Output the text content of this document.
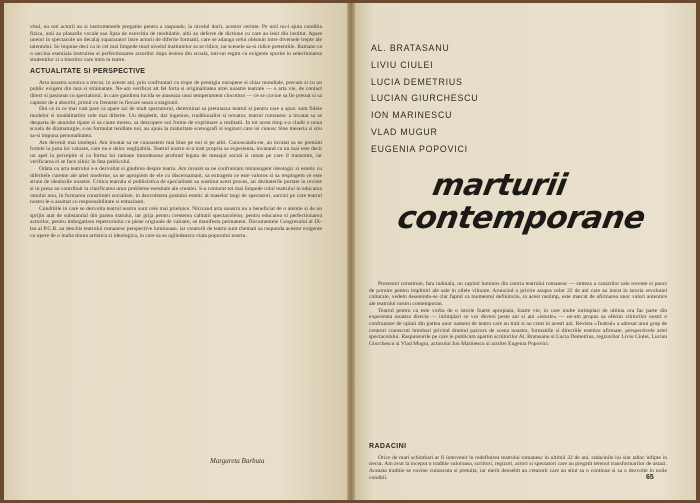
vitul, nu toti actorii au si instrumentele pregatite pentru a raspunde, la nivelul dorit, acestor cerinte. Pe unii nu-i ajuta conditia fizica, unii au plasarile vocale sau lipsa de exercitiu de modulatie, altii au defecte de dictiune cu care au iesit din institut. Apare uneori in spectacole un decalaj supararator intre actorii de diferite formatii, care se adauga celui obisnuit intre diversele trepte ale talentului. Se impune deci ca in cel mai limpede mod nivelul institutelor sa se ridice, iar scenele sa-si ridice pretentiile. Ramane ca o sarcina esentiala instruirea si perfectionarea actorilor dupa iesirea din scoala, intr-un regim cu exigente sporite in selectionarea studentilor si a tinerilor care intra in teatre.

ACTUALITATE SI PERSPECTIVE

Arta noastra scenica a trecut, in aceste ani, prin confruntari cu trupe de prestigiu europene si chiar mondiale, precum si cu un public exigent din tara si strainatate. Ne-am verificat alt fel forta si originalitatea artei noastre teatrale — o arta vie, de contact direct si pasionat cu spectatorul, in care gandirea lucida se ataseaza unui temperament clocotitor — ce se cuvine sa fie pretuit si sa capteze de a absorbi, primit cu frenezie in fiecare seara a stagiunii.

Din ce in ce mai vast pare ca apare azi de mult spectatorul, determinat sa pretuiasca teatrul si pentru care a spus: sunt fidele modelor si modalitatilor cele mai diferite. Un despletit, dar ingenios, traditionalist si novator, teatrul romanesc a invatat sa se desparta de anumite tipare si sa caute mereu, sa descopere noi forme de exprimare a realitatii. In tot acest timp s-a cladit o noua scoala de dramaturgie, s-au formulat tendinte noi, au ajuns la maturitate scenografi si regizori care isi cunosc bine meseria si stiu sa-si impuna personalitatea.

Am devenit mai intelepti. Am invatat sa ne cunoastem mai bine pe noi si pe altii. Cunoscandu-ne, au invatat sa ne pretuim fortele la justa lor valoare, care nu e deloc neglijabila. Teatrul nostru si-a trait propria sa experienta, invatand ca nu mai este decit un apel la perceptie si ca forma lui ramane intotdeauna profund legata de mesajul social si uman pe care il transmite, iar verificarea ei se face zilnic in fata publicului.

Odata cu arta teatrului s-a dezvoltat si gindirea despre teatru. Am invatat sa ne confruntam intransigent ideologic si estetic cu diferitele curente ale artei moderne, sa ne apropiem de ele cu discernamant, sa extragem ce este valoros si sa respingem ce este strain de idealurile noastre. Critica teatrala si publicistica de specialitate au sustinut acest proces, iar dezbaterile purtate in reviste si in presa au contribuit la clarificarea unor probleme esentiale ale creatiei. S-a conturat tot mai limpede rolul teatrului in educarea omului nou, in formarea constiintei socialiste, in dezvoltarea gustului estetic al maselor largi de spectatori, sarcini pe care teatrul nostru le-a asumat cu responsabilitate si entuziasm.

Conditiile in care se dezvolta teatrul nostru sunt cele mai prielnice. Nicicand arta noastra nu a beneficiat de o atentie si de un sprijin atat de substantial din partea statului, iar grija pentru cresterea calitatii spectacolelor, pentru educarea si perfectionarea actorilor, pentru imbogatirea repertoriului cu piese originale de valoare, se manifesta permanent. Documentele Congresului al IX-lea al P.C.R. au deschis teatrului romanesc perspective luminoase, iar creatorii de teatru sunt chemati sa raspunda acestor exigente cu opere de o inalta tinuta artistica si ideologica, in care sa se oglindeasca viata poporului nostru.

Margareta Barbuta
AL. BRATASANU
LIVIU CIULEI
LUCIA DEMETRIUS
LUCIAN GIURCHESCU
ION MARINESCU
VLAD MUGUR
EUGENIA POPOVICI
marturii
contemporane

Prezentul constituie, fara indoiala, un capitol luminos din istoria teatrului romanesc — sinteza a cautarilor sale recente si punct de pornire pentru impliniri ale sale in zilele viitoare. Aruncind o privire asupra celor 22 de ani care au intrat in istoria revolutiei culturale, vedem desenindu-se clar faptul ca momentul definitoriu, in acest rastimp, este marcat de afirmarea unor valori autentice ale teatrului nostru contemporan.

Teatrul pentru ca este vorba de o istorie foarte apropiata, foarte vie, in care multe intimplari de ultima ora fac parte din experienta noastra directa — intimplari ce vor deveni peste ani si ani «istorie» — ne-am propus sa oferim cititorilor nostri o confruntare de opinii din partea unor oameni de teatru care au trait si au creat in acesti ani. Revista «Teatrul» a adresat unui grup de creatori cunoscuti intrebari privind drumul parcurs de scena noastra, formatiile si directiile estetice afirmate, perspectivele artei spectacolului. Raspunsurile pe care le publicam apartin scriitorilor Al. Bratasanu si Lucia Demetrius, regizorilor Liviu Ciulei, Lucian Giurchescu si Vlad Mugur, actorului Ion Marinescu si actritei Eugenia Popovici.

RADACINI

Orice de mari schimbari ar fi intervenit in redefinirea teatrului romanesc in ultimii 22 de ani, radacinile lui sint adinc infipte in trecut. Am avut la inceput o traditie valoroasa, scriitori, regizori, actori si spectatori care au pregatit terenul transformarilor de astazi. Aceasta traditie se cuvine cunoscuta si pretuita, iar merit deosebit au creatorii care au stiut sa o continue si sa o dezvolte in noile conditii.	65
